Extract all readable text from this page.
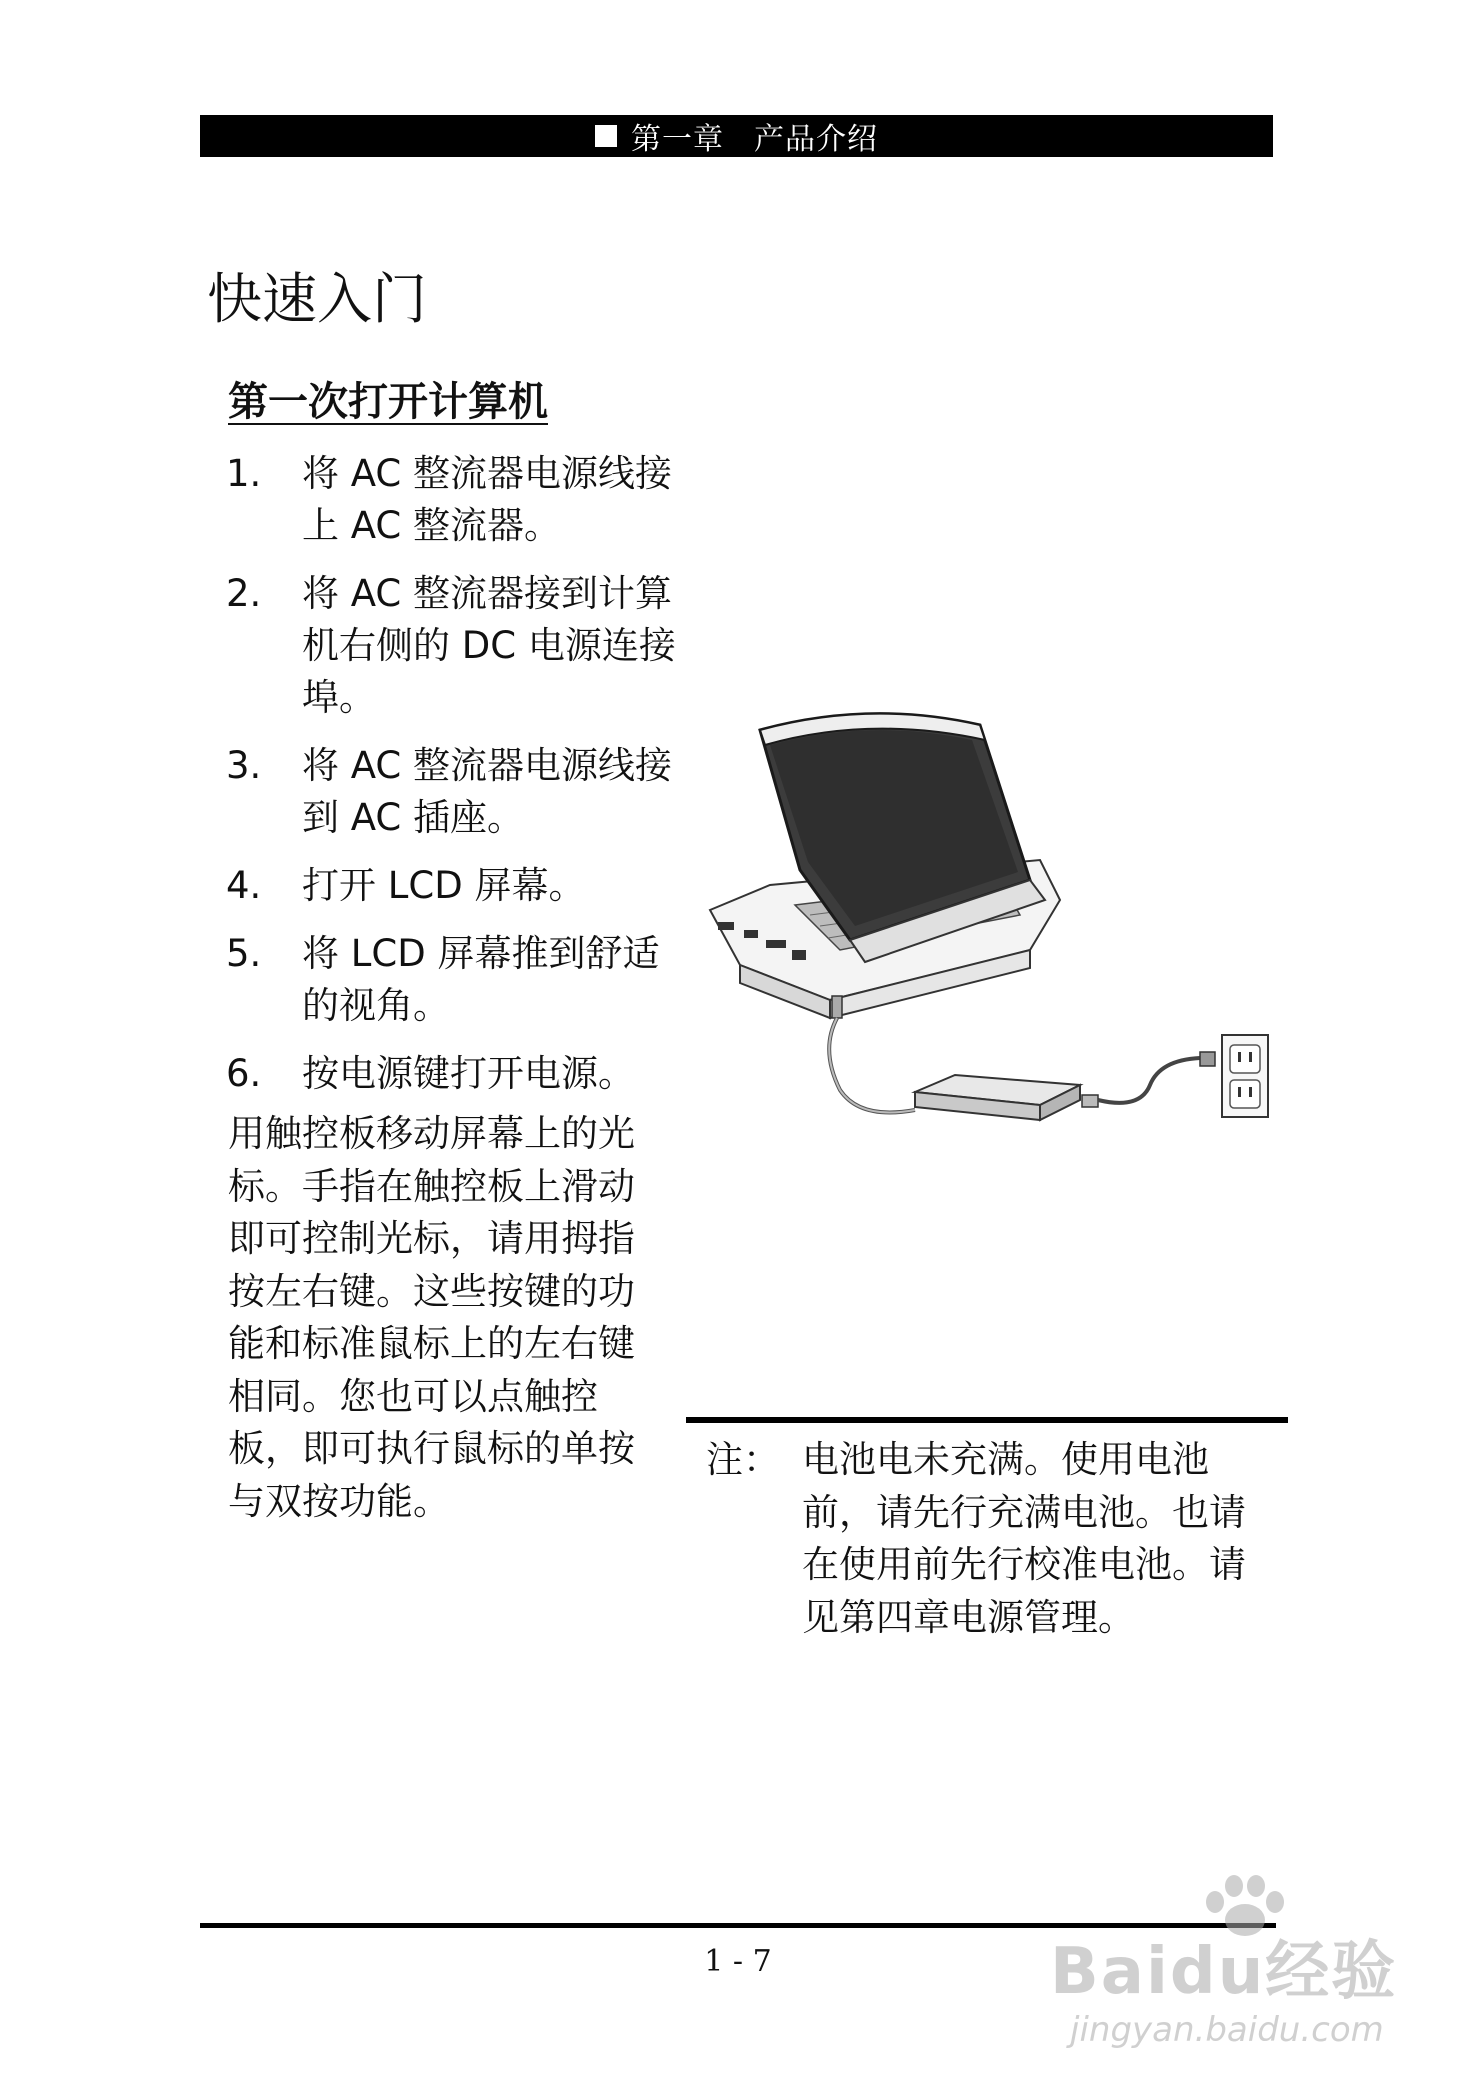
第一章 产品介绍
快速入门
第一次打开计算机
1.	将 AC 整流器电源线接上 AC 整流器。
2.	将 AC 整流器接到计算机右侧的 DC 电源连接埠。
3.	将 AC 整流器电源线接到 AC 插座。
4.	打开 LCD 屏幕。
5.	将 LCD 屏幕推到舒适的视角。
6.	按电源键打开电源。

用触控板移动屏幕上的光标。手指在触控板上滑动即可控制光标，请用拇指按左右键。这些按键的功能和标准鼠标上的左右键相同。您也可以点触控板，即可执行鼠标的单按与双按功能。

注： 电池电未充满。使用电池前，请先行充满电池。也请在使用前先行校准电池。请见第四章电源管理。
1 - 7	Baidu经验
jingyan.baidu.com
